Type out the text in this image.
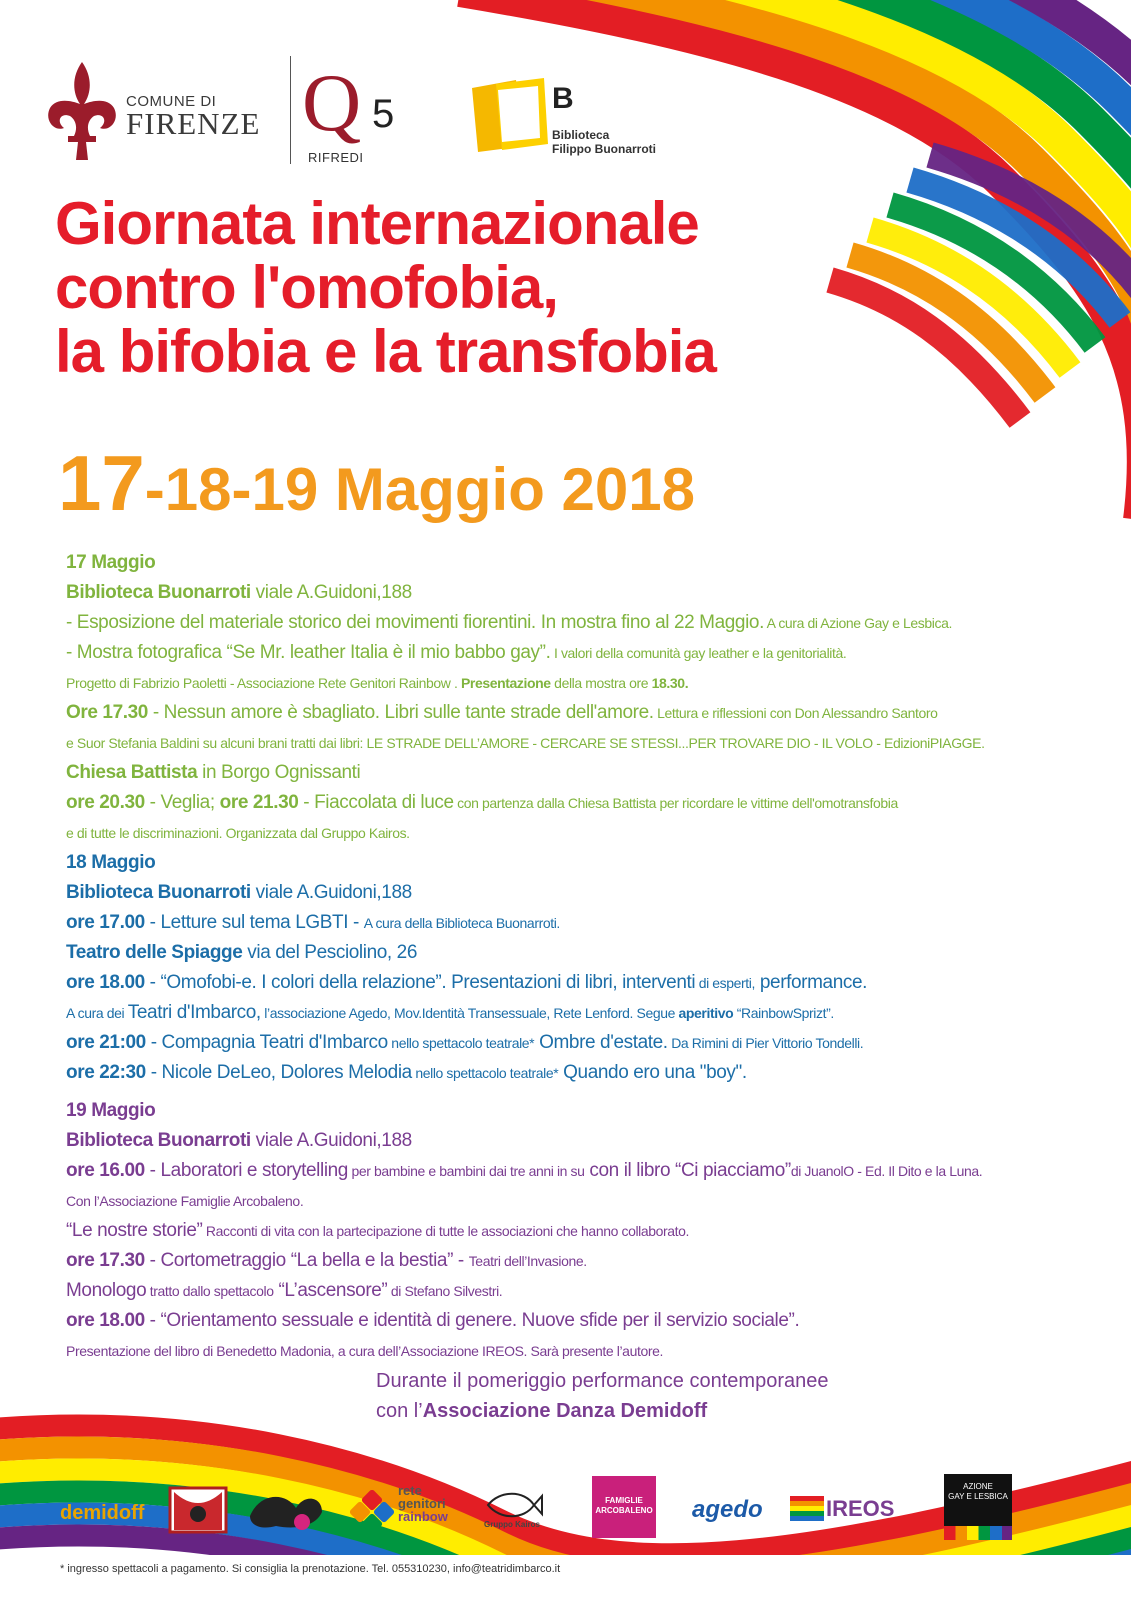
COMUNE DI
FIRENZE Q 5
RIFREDI
B
Biblioteca
Filippo Buonarroti
Giornata internazionale
contro l'omofobia,
la bifobia e la transfobia
17-18-19 Maggio 2018
17 Maggio
Biblioteca Buonarroti viale A.Guidoni,188
- Esposizione del materiale storico dei movimenti fiorentini. In mostra fino al 22 Maggio. A cura di Azione Gay e Lesbica.
- Mostra fotografica “Se Mr. leather Italia è il mio babbo gay”. I valori della comunità gay leather e la genitorialità.
Progetto di Fabrizio Paoletti - Associazione Rete Genitori Rainbow . Presentazione della mostra ore 18.30.
Ore 17.30 - Nessun amore è sbagliato. Libri sulle tante strade dell'amore. Lettura e riflessioni con Don Alessandro Santoro
e Suor Stefania Baldini su alcuni brani tratti dai libri: LE STRADE DELL’AMORE - CERCARE SE STESSI...PER TROVARE DIO - IL VOLO - EdizioniPIAGGE.
Chiesa Battista in Borgo Ognissanti
ore 20.30 - Veglia; ore 21.30 - Fiaccolata di luce con partenza dalla Chiesa Battista per ricordare le vittime dell'omotransfobia
e di tutte le discriminazioni. Organizzata dal Gruppo Kairos.
18 Maggio
Biblioteca Buonarroti viale A.Guidoni,188
ore 17.00 - Letture sul tema LGBTI - A cura della Biblioteca Buonarroti.
Teatro delle Spiagge via del Pesciolino, 26
ore 18.00 - “Omofobi-e. I colori della relazione”. Presentazioni di libri, interventi di esperti, performance.
A cura dei Teatri d'Imbarco, l’associazione Agedo, Mov.Identità Transessuale, Rete Lenford. Segue aperitivo “RainbowSprizt”.
ore 21:00 - Compagnia Teatri d'Imbarco nello spettacolo teatrale* Ombre d'estate. Da Rimini di Pier Vittorio Tondelli.
ore 22:30 - Nicole DeLeo, Dolores Melodia nello spettacolo teatrale* Quando ero una "boy".
19 Maggio
Biblioteca Buonarroti viale A.Guidoni,188
ore 16.00 - Laboratori e storytelling per bambine e bambini dai tre anni in su con il libro “Ci piacciamo”di JuanolO - Ed. Il Dito e la Luna.
Con l’Associazione Famiglie Arcobaleno.
“Le nostre storie” Racconti di vita con la partecipazione di tutte le associazioni che hanno collaborato.
ore 17.30 - Cortometraggio “La bella e la bestia” - Teatri dell’Invasione.
Monologo tratto dallo spettacolo “L’ascensore” di Stefano Silvestri.
ore 18.00 - “Orientamento sessuale e identità di genere. Nuove sfide per il servizio sociale”.
Presentazione del libro di Benedetto Madonia, a cura dell’Associazione IREOS. Sarà presente l’autore.
Durante il pomeriggio performance contemporanee
con l’Associazione Danza Demidoff
demidoff
rete
genitori
rainbow
Gruppo Kairos
FAMIGLIE
ARCOBALENO agedo	IREOS
AZIONE
GAY E LESBICA
* ingresso spettacoli a pagamento. Si consiglia la prenotazione. Tel. 055310230, info@teatridimbarco.it
